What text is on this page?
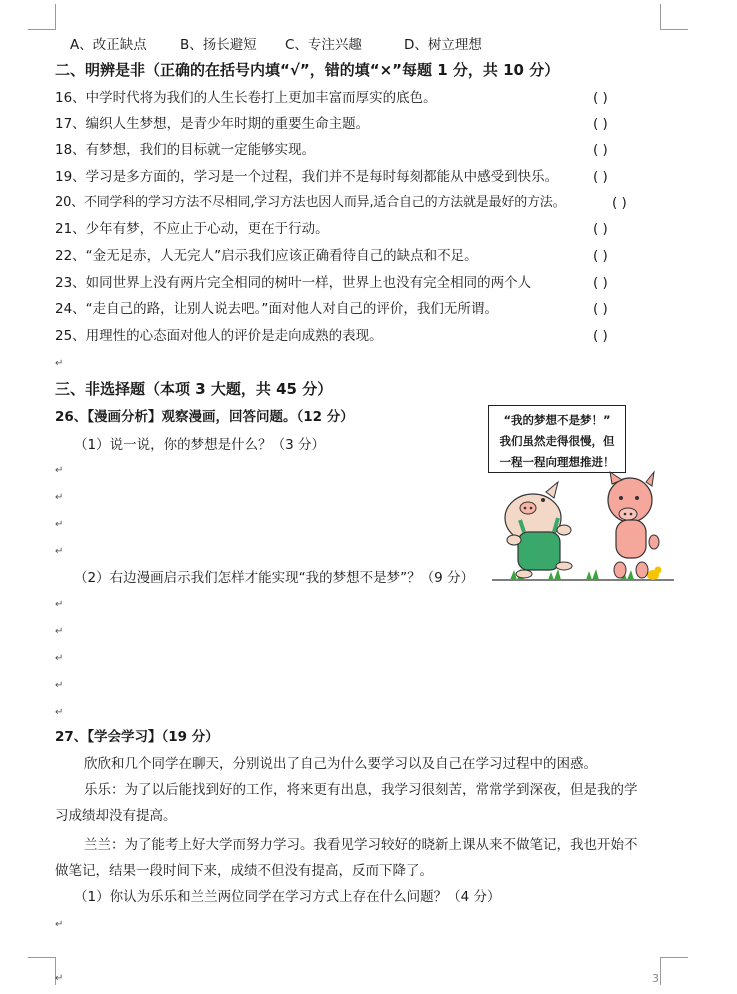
A、改正缺点 B、扬长避短 C、专注兴趣	D、树立理想
二、明辨是非（正确的在括号内填“√”，错的填“×”每题 1 分，共 10 分）
16、中学时代将为我们的人生长卷打上更加丰富而厚实的底色。	( )
17、编织人生梦想，是青少年时期的重要生命主题。	( )
18、有梦想，我们的目标就一定能够实现。	( )
19、学习是多方面的，学习是一个过程，我们并不是每时每刻都能从中感受到快乐。	( )
20、不同学科的学习方法不尽相同,学习方法也因人而异,适合自己的方法就是最好的方法。	( )
21、少年有梦，不应止于心动，更在于行动。	( )
22、“金无足赤，人无完人”启示我们应该正确看待自己的缺点和不足。	( )
23、如同世界上没有两片完全相同的树叶一样，世界上也没有完全相同的两个人	( )
24、“走自己的路，让别人说去吧。”面对他人对自己的评价，我们无所谓。	( )
25、用理性的心态面对他人的评价是走向成熟的表现。	( )
↵
三、非选择题（本项 3 大题，共 45 分）
26、【漫画分析】观察漫画，回答问题。（12 分）
（1）说一说，你的梦想是什么？（3 分）
↵
↵
↵
↵
“我的梦想不是梦！”
我们虽然走得很慢，但
一程一程向理想推进！
（2）右边漫画启示我们怎样才能实现“我的梦想不是梦”？（9 分）
↵
↵
↵
↵
↵
27、【学会学习】（19 分）
欣欣和几个同学在聊天，分别说出了自己为什么要学习以及自己在学习过程中的困惑。
乐乐：为了以后能找到好的工作，将来更有出息，我学习很刻苦，常常学到深夜，但是我的学
习成绩却没有提高。
兰兰：为了能考上好大学而努力学习。我看见学习较好的晓新上课从来不做笔记，我也开始不
做笔记，结果一段时间下来，成绩不但没有提高，反而下降了。
（1）你认为乐乐和兰兰两位同学在学习方式上存在什么问题？（4 分）
↵
↵	3
